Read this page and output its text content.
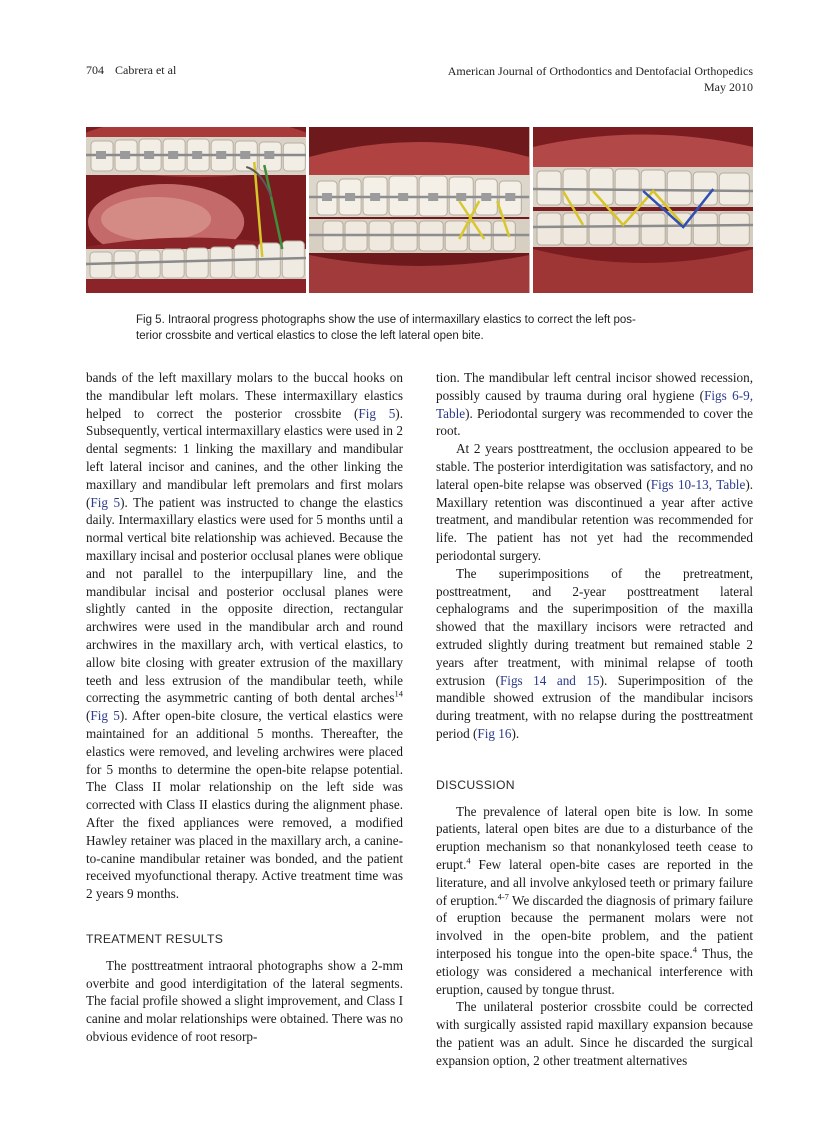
704 Cabrera et al	American Journal of Orthodontics and Dentofacial Orthopedics
May 2010
Fig 5. Intraoral progress photographs show the use of intermaxillary elastics to correct the left pos-
terior crossbite and vertical elastics to close the left lateral open bite.

bands of the left maxillary molars to the buccal hooks on the mandibular left molars. These intermaxillary elastics helped to correct the posterior crossbite (Fig 5). Subsequently, vertical intermaxillary elastics were used in 2 dental segments: 1 linking the maxillary and mandibular left lateral incisor and canines, and the other linking the maxillary and mandibular left premolars and first molars (Fig 5). The patient was instructed to change the elastics daily. Intermaxillary elastics were used for 5 months until a normal vertical bite relationship was achieved. Because the maxillary incisal and posterior occlusal planes were oblique and not parallel to the interpupillary line, and the mandibular incisal and posterior occlusal planes were slightly canted in the opposite direction, rectangular archwires were used in the mandibular arch and round archwires in the maxillary arch, with vertical elastics, to allow bite closing with greater extrusion of the maxillary teeth and less extrusion of the mandibular teeth, while correcting the asymmetric canting of both dental arches$^{14}$ (Fig 5). After open-bite closure, the vertical elastics were maintained for an additional 5 months. Thereafter, the elastics were removed, and leveling archwires were placed for 5 months to determine the open-bite relapse potential. The Class II molar relationship on the left side was corrected with Class II elastics during the alignment phase. After the fixed appliances were removed, a modified Hawley retainer was placed in the maxillary arch, a canine-to-canine mandibular retainer was bonded, and the patient received myofunctional therapy. Active treatment time was 2 years 9 months.

TREATMENT RESULTS

The posttreatment intraoral photographs show a 2-mm overbite and good interdigitation of the lateral segments. The facial profile showed a slight improvement, and Class I canine and molar relationships were obtained. There was no obvious evidence of root resorp-

tion. The mandibular left central incisor showed recession, possibly caused by trauma during oral hygiene (Figs 6-9, Table). Periodontal surgery was recommended to cover the root.

At 2 years posttreatment, the occlusion appeared to be stable. The posterior interdigitation was satisfactory, and no lateral open-bite relapse was observed (Figs 10-13, Table). Maxillary retention was discontinued a year after active treatment, and mandibular retention was recommended for life. The patient has not yet had the recommended periodontal surgery.

The superimpositions of the pretreatment, posttreatment, and 2-year posttreatment lateral cephalograms and the superimposition of the maxilla showed that the maxillary incisors were retracted and extruded slightly during treatment but remained stable 2 years after treatment, with minimal relapse of tooth extrusion (Figs 14 and 15). Superimposition of the mandible showed extrusion of the mandibular incisors during treatment, with no relapse during the posttreatment period (Fig 16).

DISCUSSION

The prevalence of lateral open bite is low. In some patients, lateral open bites are due to a disturbance of the eruption mechanism so that nonankylosed teeth cease to erupt.$^4$ Few lateral open-bite cases are reported in the literature, and all involve ankylosed teeth or primary failure of eruption.$^{4-7}$ We discarded the diagnosis of primary failure of eruption because the permanent molars were not involved in the open-bite problem, and the patient interposed his tongue into the open-bite space.$^4$ Thus, the etiology was considered a mechanical interference with eruption, caused by tongue thrust.

The unilateral posterior crossbite could be corrected with surgically assisted rapid maxillary expansion because the patient was an adult. Since he discarded the surgical expansion option, 2 other treatment alternatives
